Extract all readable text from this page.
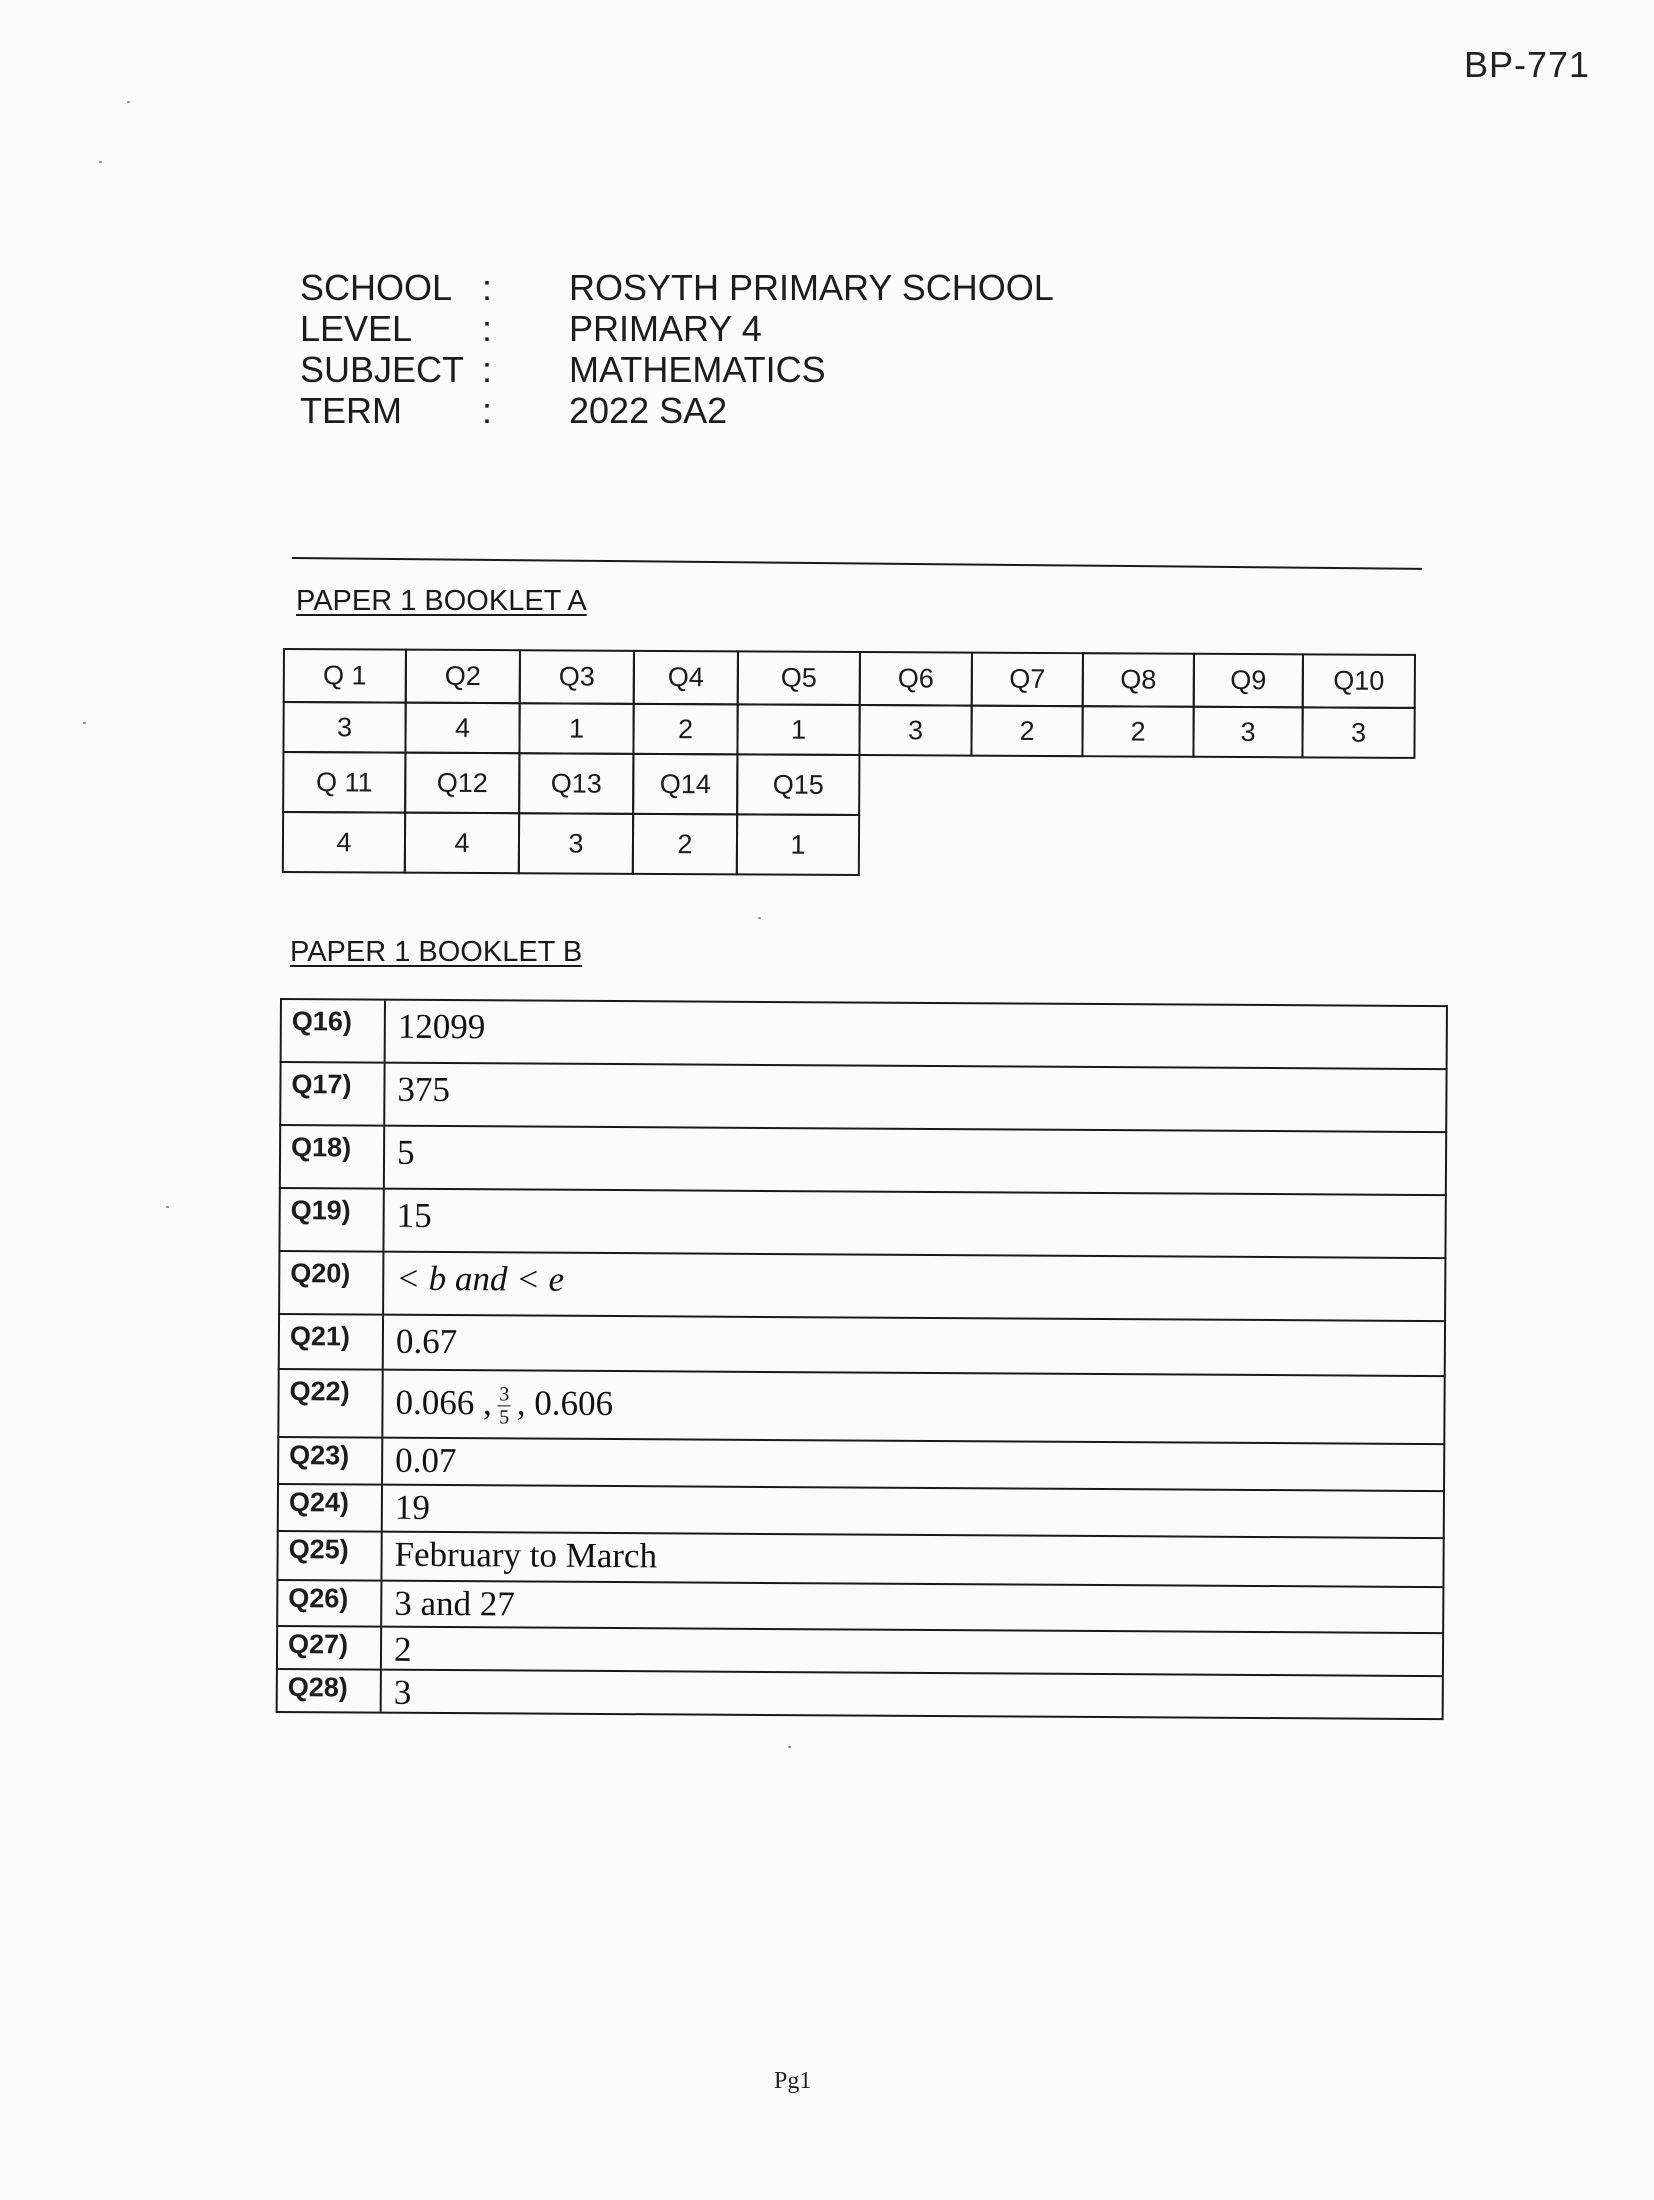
BP-771
SCHOOL :	ROSYTH PRIMARY SCHOOL
LEVEL	:	PRIMARY 4
SUBJECT :	MATHEMATICS
TERM	:	2022 SA2
PAPER 1 BOOKLET A
Q 1	Q2	Q3	Q4	Q5	Q6	Q7	Q8	Q9	Q10
3	4	1	2	1	3	2	2	3	3
Q 11	Q12	Q13	Q14	Q15
4	4	3	2	1
PAPER 1 BOOKLET B
Q16)	12099
Q17)	375
Q18)	5
Q19)	15
Q20)	< b and < e
Q21)	0.67
Q22)	0.066 , $\frac{3}{5}$ , 0.606
Q23)	0.07
Q24)	19
Q25)	February to March
Q26)	3 and 27
Q27)	2
Q28)	3
Pg1
